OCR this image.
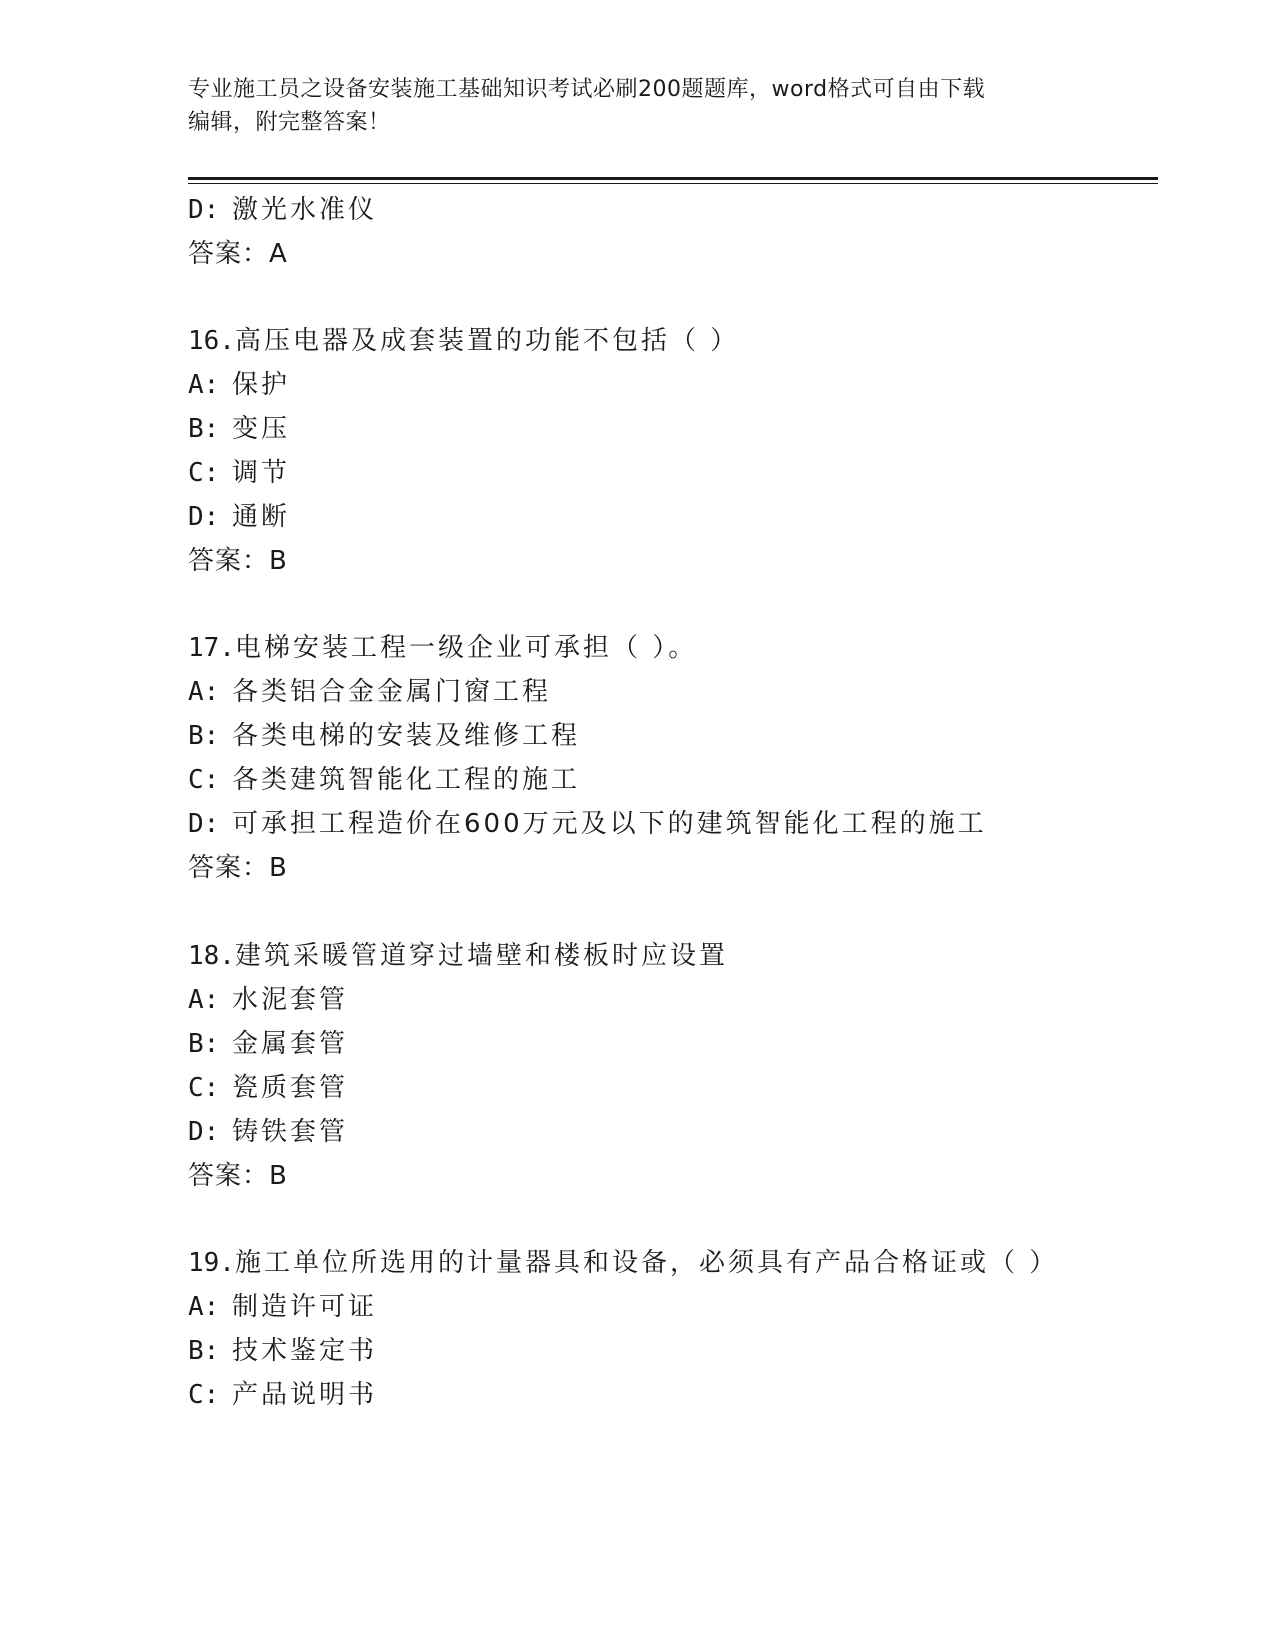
专业施工员之设备安装施工基础知识考试必刷200题题库，word格式可自由下载
编辑，附完整答案！
D: 激光水准仪
答案：A
16.高压电器及成套装置的功能不包括（ ）
A: 保护
B: 变压
C: 调节
D: 通断
答案：B
17.电梯安装工程一级企业可承担（ ）。
A: 各类铝合金金属门窗工程
B: 各类电梯的安装及维修工程
C: 各类建筑智能化工程的施工
D: 可承担工程造价在600万元及以下的建筑智能化工程的施工
答案：B
18.建筑采暖管道穿过墙壁和楼板时应设置
A: 水泥套管
B: 金属套管
C: 瓷质套管
D: 铸铁套管
答案：B
19.施工单位所选用的计量器具和设备，必须具有产品合格证或（ ）
A: 制造许可证
B: 技术鉴定书
C: 产品说明书
